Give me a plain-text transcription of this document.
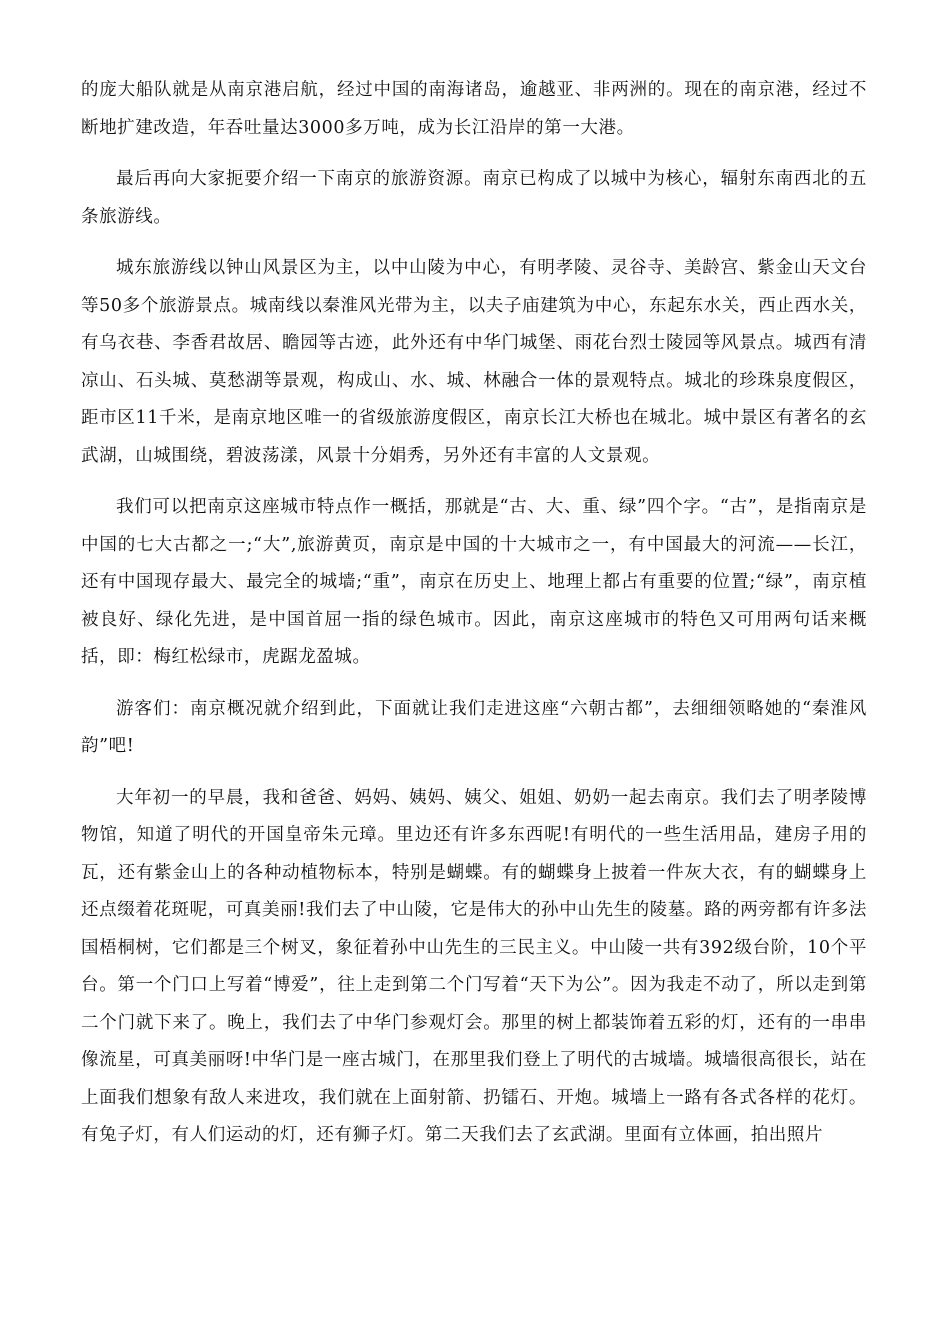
的庞大船队就是从南京港启航，经过中国的南海诸岛，逾越亚、非两洲的。现在的南京港，经过不断地扩建改造，年吞吐量达3000多万吨，成为长江沿岸的第一大港。

最后再向大家扼要介绍一下南京的旅游资源。南京已构成了以城中为核心，辐射东南西北的五条旅游线。

城东旅游线以钟山风景区为主，以中山陵为中心，有明孝陵、灵谷寺、美龄宫、紫金山天文台等50多个旅游景点。城南线以秦淮风光带为主，以夫子庙建筑为中心，东起东水关，西止西水关，有乌衣巷、李香君故居、瞻园等古迹，此外还有中华门城堡、雨花台烈士陵园等风景点。城西有清凉山、石头城、莫愁湖等景观，构成山、水、城、林融合一体的景观特点。城北的珍珠泉度假区，距市区11千米，是南京地区唯一的省级旅游度假区，南京长江大桥也在城北。城中景区有著名的玄武湖，山城围绕，碧波荡漾，风景十分娟秀，另外还有丰富的人文景观。

我们可以把南京这座城市特点作一概括，那就是“古、大、重、绿”四个字。“古”，是指南京是中国的七大古都之一;“大”,旅游黄页，南京是中国的十大城市之一，有中国最大的河流——长江，还有中国现存最大、最完全的城墙;“重”，南京在历史上、地理上都占有重要的位置;“绿”，南京植被良好、绿化先进，是中国首屈一指的绿色城市。因此，南京这座城市的特色又可用两句话来概括，即：梅红松绿市，虎踞龙盈城。

游客们：南京概况就介绍到此，下面就让我们走进这座“六朝古都”，去细细领略她的“秦淮风韵”吧!

大年初一的早晨，我和爸爸、妈妈、姨妈、姨父、姐姐、奶奶一起去南京。我们去了明孝陵博物馆，知道了明代的开国皇帝朱元璋。里边还有许多东西呢!有明代的一些生活用品，建房子用的瓦，还有紫金山上的各种动植物标本，特别是蝴蝶。有的蝴蝶身上披着一件灰大衣，有的蝴蝶身上还点缀着花斑呢，可真美丽!我们去了中山陵，它是伟大的孙中山先生的陵墓。路的两旁都有许多法国梧桐树，它们都是三个树叉，象征着孙中山先生的三民主义。中山陵一共有392级台阶，10个平台。第一个门口上写着“博爱”，往上走到第二个门写着“天下为公”。因为我走不动了，所以走到第二个门就下来了。晚上，我们去了中华门参观灯会。那里的树上都装饰着五彩的灯，还有的一串串像流星，可真美丽呀!中华门是一座古城门，在那里我们登上了明代的古城墙。城墙很高很长，站在上面我们想象有敌人来进攻，我们就在上面射箭、扔镭石、开炮。城墙上一路有各式各样的花灯。有兔子灯，有人们运动的灯，还有狮子灯。第二天我们去了玄武湖。里面有立体画，拍出照片
